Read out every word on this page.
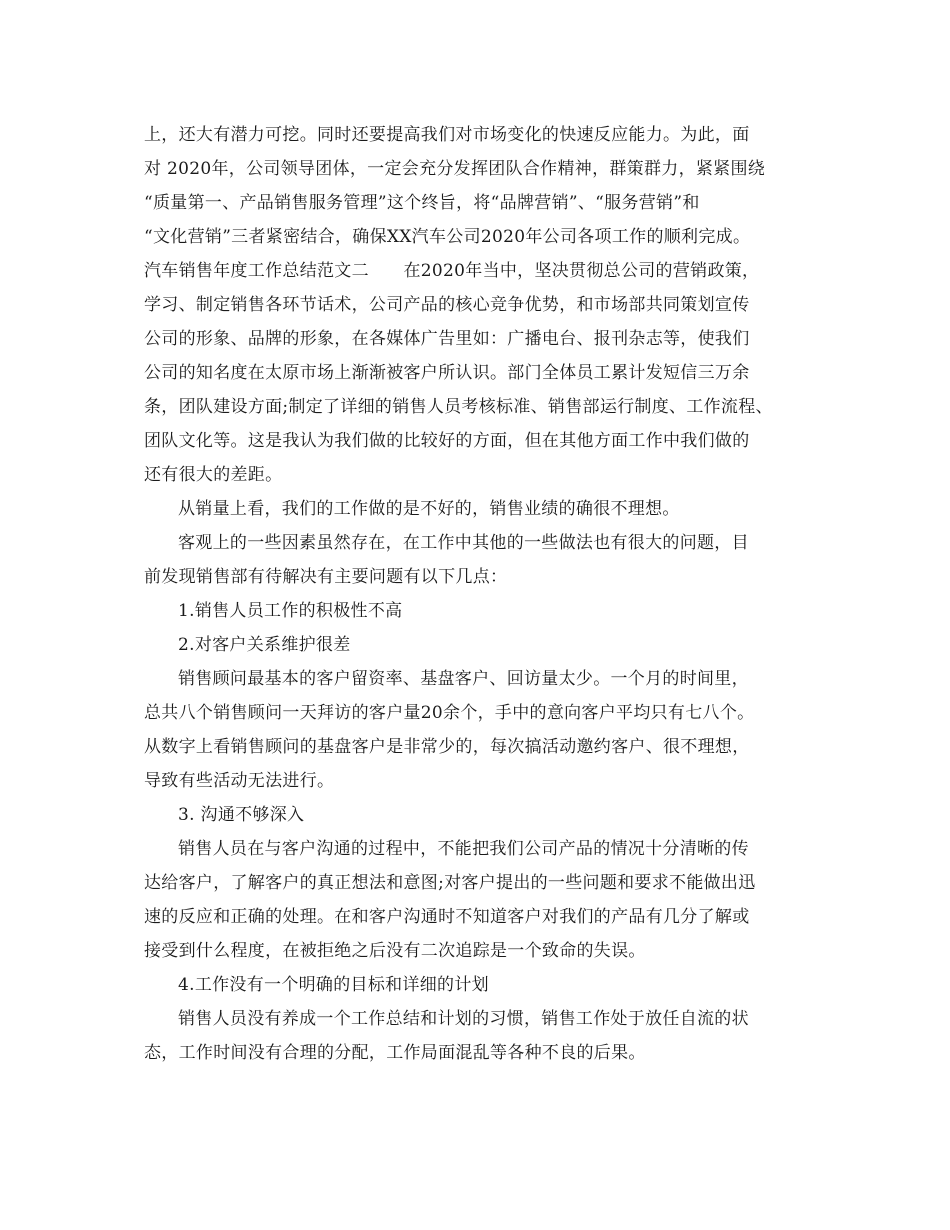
上，还大有潜力可挖。同时还要提高我们对市场变化的快速反应能力。为此，面
对 2020年，公司领导团体，一定会充分发挥团队合作精神，群策群力，紧紧围绕
“质量第一、产品销售服务管理”这个终旨，将“品牌营销”、“服务营销”和
“文化营销”三者紧密结合，确保XX汽车公司2020年公司各项工作的顺利完成。
汽车销售年度工作总结范文二　　在2020年当中，坚决贯彻总公司的营销政策，
学习、制定销售各环节话术，公司产品的核心竞争优势，和市场部共同策划宣传
公司的形象、品牌的形象，在各媒体广告里如：广播电台、报刊杂志等，使我们
公司的知名度在太原市场上渐渐被客户所认识。部门全体员工累计发短信三万余
条，团队建设方面;制定了详细的销售人员考核标准、销售部运行制度、工作流程、
团队文化等。这是我认为我们做的比较好的方面，但在其他方面工作中我们做的
还有很大的差距。
从销量上看，我们的工作做的是不好的，销售业绩的确很不理想。
客观上的一些因素虽然存在，在工作中其他的一些做法也有很大的问题，目
前发现销售部有待解决有主要问题有以下几点：
1.销售人员工作的积极性不高
2.对客户关系维护很差
销售顾问最基本的客户留资率、基盘客户、回访量太少。一个月的时间里，
总共八个销售顾问一天拜访的客户量20余个，手中的意向客户平均只有七八个。
从数字上看销售顾问的基盘客户是非常少的，每次搞活动邀约客户、很不理想，
导致有些活动无法进行。
3. 沟通不够深入
销售人员在与客户沟通的过程中，不能把我们公司产品的情况十分清晰的传
达给客户，了解客户的真正想法和意图;对客户提出的一些问题和要求不能做出迅
速的反应和正确的处理。在和客户沟通时不知道客户对我们的产品有几分了解或
接受到什么程度，在被拒绝之后没有二次追踪是一个致命的失误。
4.工作没有一个明确的目标和详细的计划
销售人员没有养成一个工作总结和计划的习惯，销售工作处于放任自流的状
态，工作时间没有合理的分配，工作局面混乱等各种不良的后果。
